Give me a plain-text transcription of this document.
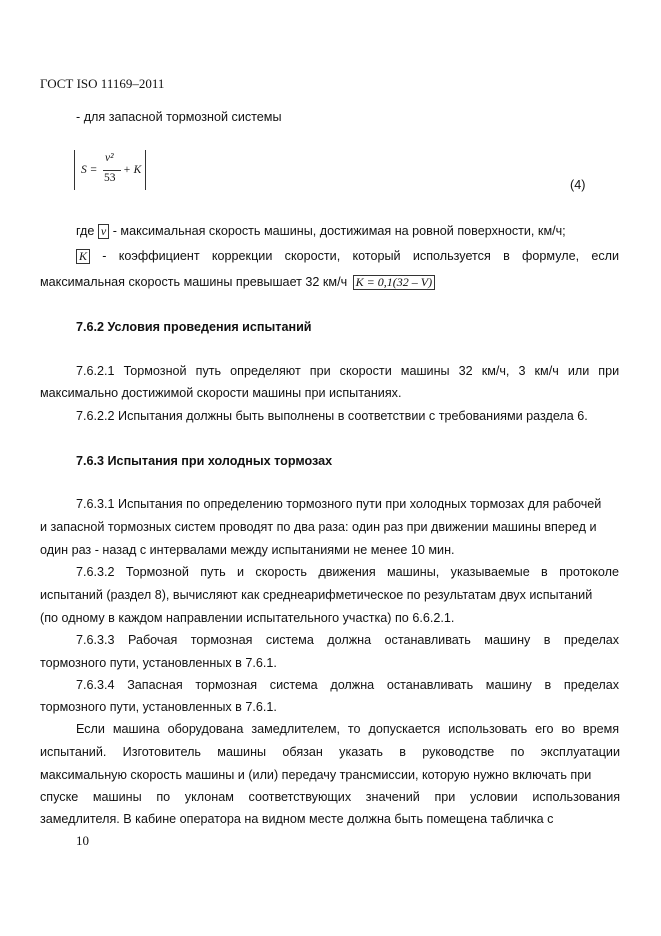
ГОСТ ISO 11169–2011
- для запасной тормозной системы
S =
v²
53
+ K
(4)
где v - максимальная скорость машины, достижимая на ровной поверхности, км/ч;
K - коэффициент коррекции скорости, который используется в формуле, если
максимальная скорость машины превышает 32 км/ч K = 0,1(32 – V)
7.6.2 Условия проведения испытаний
7.6.2.1 Тормозной путь определяют при скорости машины 32 км/ч, 3 км/ч или при
максимально достижимой скорости машины при испытаниях.
7.6.2.2 Испытания должны быть выполнены в соответствии с требованиями раздела 6.
7.6.3 Испытания при холодных тормозах
7.6.3.1 Испытания по определению тормозного пути при холодных тормозах для рабочей
и запасной тормозных систем проводят по два раза: один раз при движении машины вперед и
один раз - назад с интервалами между испытаниями не менее 10 мин.
7.6.3.2 Тормозной путь и скорость движения машины, указываемые в протоколе
испытаний (раздел 8), вычисляют как среднеарифметическое по результатам двух испытаний
(по одному в каждом направлении испытательного участка) по 6.6.2.1.
7.6.3.3 Рабочая тормозная система должна останавливать машину в пределах
тормозного пути, установленных в 7.6.1.
7.6.3.4 Запасная тормозная система должна останавливать машину в пределах
тормозного пути, установленных в 7.6.1.
Если машина оборудована замедлителем, то допускается использовать его во время
испытаний. Изготовитель машины обязан указать в руководстве по эксплуатации
максимальную скорость машины и (или) передачу трансмиссии, которую нужно включать при
спуске машины по уклонам соответствующих значений при условии использования
замедлителя. В кабине оператора на видном месте должна быть помещена табличка с
10
